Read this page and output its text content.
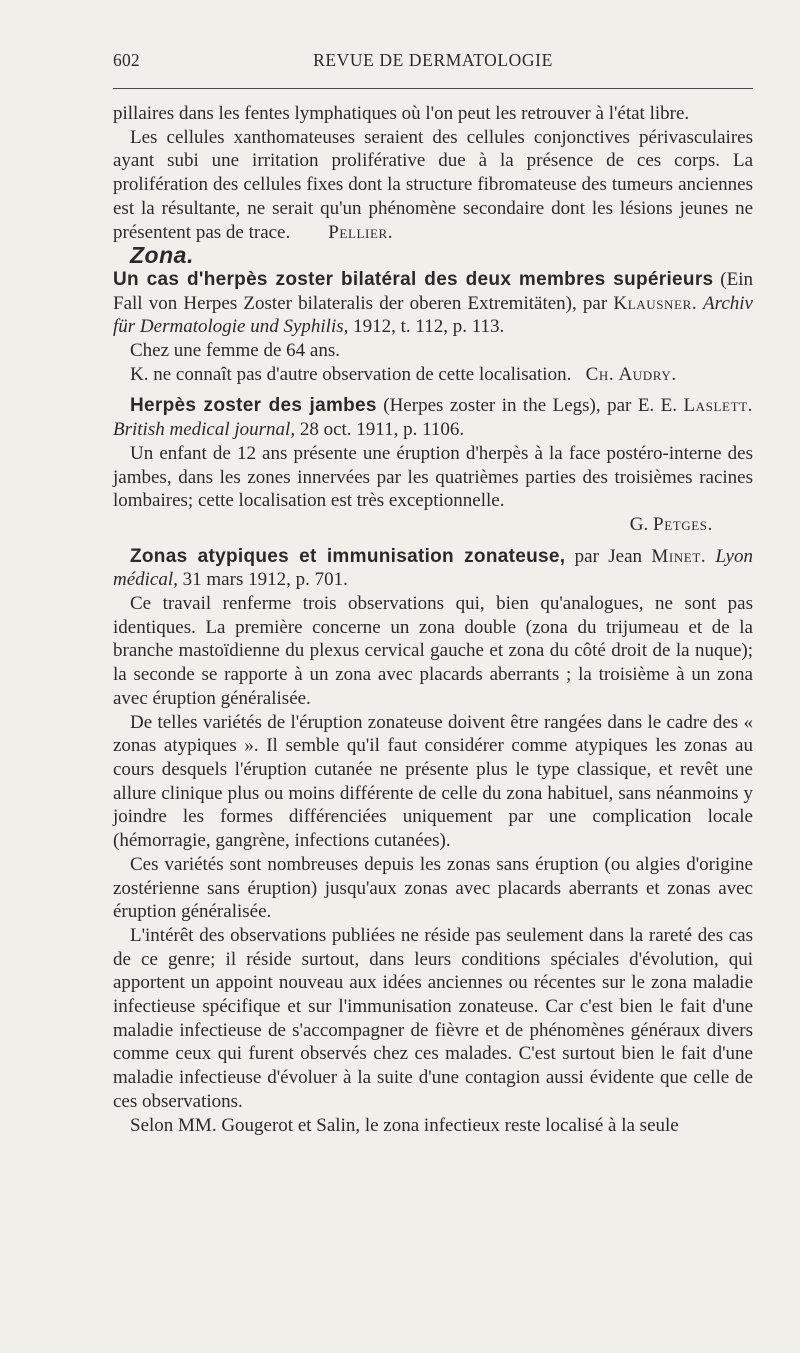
602	REVUE DE DERMATOLOGIE

pillaires dans les fentes lymphatiques où l'on peut les retrouver à l'état libre.

Les cellules xanthomateuses seraient des cellules conjonctives périvasculaires ayant subi une irritation proliférative due à la présence de ces corps. La prolifération des cellules fixes dont la structure fibromateuse des tumeurs anciennes est la résultante, ne serait qu'un phénomène secondaire dont les lésions jeunes ne présentent pas de trace. Pellier.

Zona.

Un cas d'herpès zoster bilatéral des deux membres supérieurs (Ein Fall von Herpes Zoster bilateralis der oberen Extremitäten), par Klausner. Archiv für Dermatologie und Syphilis, 1912, t. 112, p. 113.

Chez une femme de 64 ans.

K. ne connaît pas d'autre observation de cette localisation. Ch. Audry.

Herpès zoster des jambes (Herpes zoster in the Legs), par E. E. Laslett. British medical journal, 28 oct. 1911, p. 1106.

Un enfant de 12 ans présente une éruption d'herpès à la face postéro-interne des jambes, dans les zones innervées par les quatrièmes parties des troisièmes racines lombaires; cette localisation est très exceptionnelle.

G. Petges.

Zonas atypiques et immunisation zonateuse, par Jean Minet. Lyon médical, 31 mars 1912, p. 701.

Ce travail renferme trois observations qui, bien qu'analogues, ne sont pas identiques. La première concerne un zona double (zona du trijumeau et de la branche mastoïdienne du plexus cervical gauche et zona du côté droit de la nuque); la seconde se rapporte à un zona avec placards aberrants ; la troisième à un zona avec éruption généralisée.

De telles variétés de l'éruption zonateuse doivent être rangées dans le cadre des « zonas atypiques ». Il semble qu'il faut considérer comme atypiques les zonas au cours desquels l'éruption cutanée ne présente plus le type classique, et revêt une allure clinique plus ou moins différente de celle du zona habituel, sans néanmoins y joindre les formes différenciées uniquement par une complication locale (hémorragie, gangrène, infections cutanées).

Ces variétés sont nombreuses depuis les zonas sans éruption (ou algies d'origine zostérienne sans éruption) jusqu'aux zonas avec placards aberrants et zonas avec éruption généralisée.

L'intérêt des observations publiées ne réside pas seulement dans la rareté des cas de ce genre; il réside surtout, dans leurs conditions spéciales d'évolution, qui apportent un appoint nouveau aux idées anciennes ou récentes sur le zona maladie infectieuse spécifique et sur l'immunisation zonateuse. Car c'est bien le fait d'une maladie infectieuse de s'accompagner de fièvre et de phénomènes généraux divers comme ceux qui furent observés chez ces malades. C'est surtout bien le fait d'une maladie infectieuse d'évoluer à la suite d'une contagion aussi évidente que celle de ces observations.

Selon MM. Gougerot et Salin, le zona infectieux reste localisé à la seule
